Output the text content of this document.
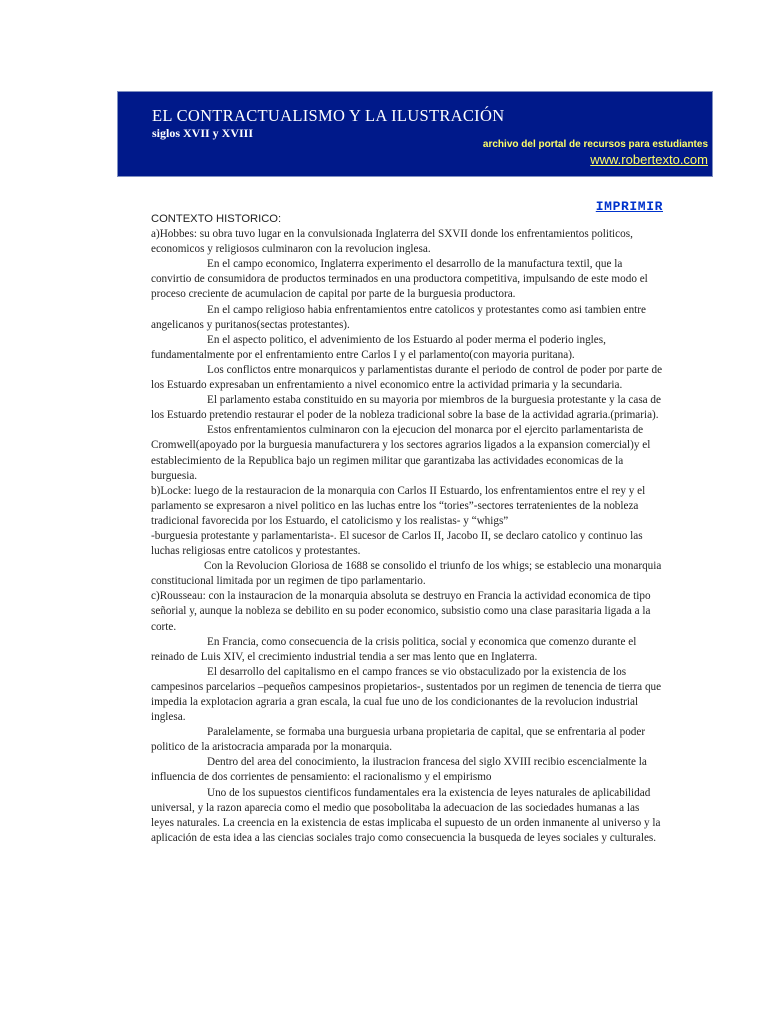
EL CONTRACTUALISMO Y LA ILUSTRACIÓN
siglos XVII y XVIII
archivo del portal de recursos para estudiantes
www.robertexto.com
IMPRIMIR
CONTEXTO HISTORICO:

a)Hobbes: su obra tuvo lugar en la convulsionada Inglaterra del SXVII donde los enfrentamientos politicos, economicos y religiosos culminaron con la revolucion inglesa.

En el campo economico, Inglaterra experimento el desarrollo de la manufactura textil, que la convirtio de consumidora de productos terminados en una productora competitiva, impulsando de este modo el proceso creciente de acumulacion de capital por parte de la burguesia productora.

En el campo religioso habia enfrentamientos entre catolicos y protestantes como asi tambien entre angelicanos y puritanos(sectas protestantes).

En el aspecto politico, el advenimiento de los Estuardo al poder merma el poderio ingles, fundamentalmente por el enfrentamiento entre Carlos I y el parlamento(con mayoria puritana).

Los conflictos entre monarquicos y parlamentistas durante el periodo de control de poder por parte de los Estuardo expresaban un enfrentamiento a nivel economico entre la actividad primaria y la secundaria.

El parlamento estaba constituido en su mayoria por miembros de la burguesia protestante y la casa de los Estuardo pretendio restaurar el poder de la nobleza tradicional sobre la base de la actividad agraria.(primaria).

Estos enfrentamientos culminaron con la ejecucion del monarca por el ejercito parlamentarista de Cromwell(apoyado por la burguesia manufacturera y los sectores agrarios ligados a la expansion comercial)y el establecimiento de la Republica bajo un regimen militar que garantizaba las actividades economicas de la burguesia.

b)Locke: luego de la restauracion de la monarquia con Carlos II Estuardo, los enfrentamientos entre el rey y el parlamento se expresaron a nivel politico en las luchas entre los “tories”-sectores terratenientes de la nobleza tradicional favorecida por los Estuardo, el catolicismo y los realistas- y “whigs”

-burguesia protestante y parlamentarista-. El sucesor de Carlos II, Jacobo II, se declaro catolico y continuo las luchas religiosas entre catolicos y protestantes.

Con la Revolucion Gloriosa de 1688 se consolido el triunfo de los whigs; se establecio una monarquia constitucional limitada por un regimen de tipo parlamentario.

c)Rousseau: con la instauracion de la monarquia absoluta se destruyo en Francia la actividad economica de tipo señorial y, aunque la nobleza se debilito en su poder economico, subsistio como una clase parasitaria ligada a la corte.

En Francia, como consecuencia de la crisis politica, social y economica que comenzo durante el reinado de Luis XIV, el crecimiento industrial tendia a ser mas lento que en Inglaterra.

El desarrollo del capitalismo en el campo frances se vio obstaculizado por la existencia de los campesinos parcelarios –pequeños campesinos propietarios-, sustentados por un regimen de tenencia de tierra que impedia la explotacion agraria a gran escala, la cual fue uno de los condicionantes de la revolucion industrial inglesa.

Paralelamente, se formaba una burguesia urbana propietaria de capital, que se enfrentaria al poder politico de la aristocracia amparada por la monarquia.

Dentro del area del conocimiento, la ilustracion francesa del siglo XVIII recibio escencialmente la influencia de dos corrientes de pensamiento: el racionalismo y el empirismo

Uno de los supuestos cientificos fundamentales era la existencia de leyes naturales de aplicabilidad universal, y la razon aparecia como el medio que posobolitaba la adecuacion de las sociedades humanas a las leyes naturales. La creencia en la existencia de estas implicaba el supuesto de un orden inmanente al universo y la aplicación de esta idea a las ciencias sociales trajo como consecuencia la busqueda de leyes sociales y culturales.
